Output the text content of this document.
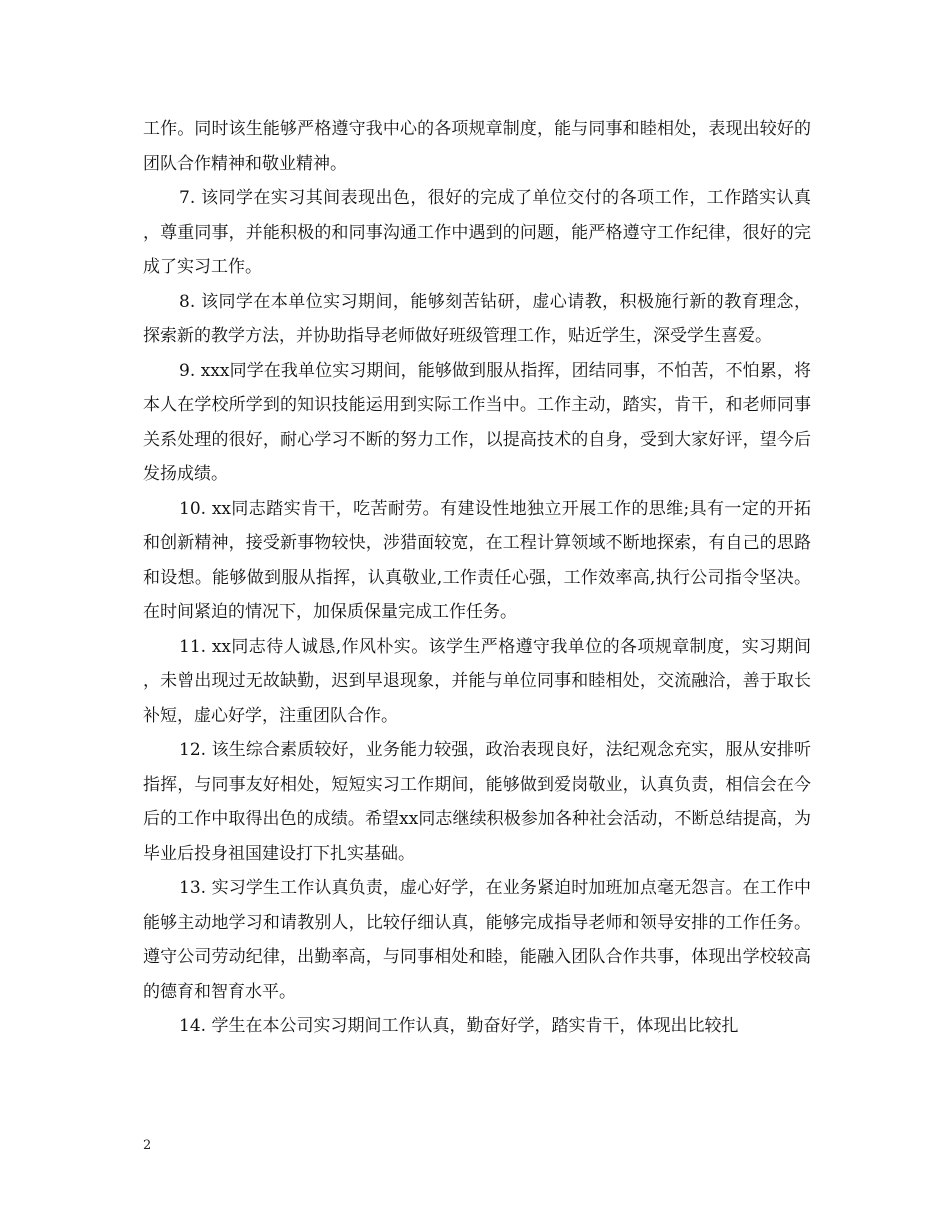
工作。同时该生能够严格遵守我中心的各项规章制度，能与同事和睦相处，表现出较好的团队合作精神和敬业精神。

7. 该同学在实习其间表现出色，很好的完成了单位交付的各项工作，工作踏实认真，尊重同事，并能积极的和同事沟通工作中遇到的问题，能严格遵守工作纪律，很好的完成了实习工作。

8. 该同学在本单位实习期间，能够刻苦钻研，虚心请教，积极施行新的教育理念，探索新的教学方法，并协助指导老师做好班级管理工作，贴近学生，深受学生喜爱。

9. xxx同学在我单位实习期间，能够做到服从指挥，团结同事，不怕苦，不怕累，将本人在学校所学到的知识技能运用到实际工作当中。工作主动，踏实，肯干，和老师同事关系处理的很好，耐心学习不断的努力工作，以提高技术的自身，受到大家好评，望今后发扬成绩。

10. xx同志踏实肯干，吃苦耐劳。有建设性地独立开展工作的思维;具有一定的开拓和创新精神，接受新事物较快，涉猎面较宽，在工程计算领域不断地探索，有自己的思路和设想。能够做到服从指挥，认真敬业,工作责任心强，工作效率高,执行公司指令坚决。在时间紧迫的情况下，加保质保量完成工作任务。

11. xx同志待人诚恳,作风朴实。该学生严格遵守我单位的各项规章制度，实习期间，未曾出现过无故缺勤，迟到早退现象，并能与单位同事和睦相处，交流融洽，善于取长补短，虚心好学，注重团队合作。

12. 该生综合素质较好，业务能力较强，政治表现良好，法纪观念充实，服从安排听指挥，与同事友好相处，短短实习工作期间，能够做到爱岗敬业，认真负责，相信会在今后的工作中取得出色的成绩。希望xx同志继续积极参加各种社会活动，不断总结提高，为毕业后投身祖国建设打下扎实基础。

13. 实习学生工作认真负责，虚心好学，在业务紧迫时加班加点毫无怨言。在工作中能够主动地学习和请教别人，比较仔细认真，能够完成指导老师和领导安排的工作任务。遵守公司劳动纪律，出勤率高，与同事相处和睦，能融入团队合作共事，体现出学校较高的德育和智育水平。

14. 学生在本公司实习期间工作认真，勤奋好学，踏实肯干，体现出比较扎

2
